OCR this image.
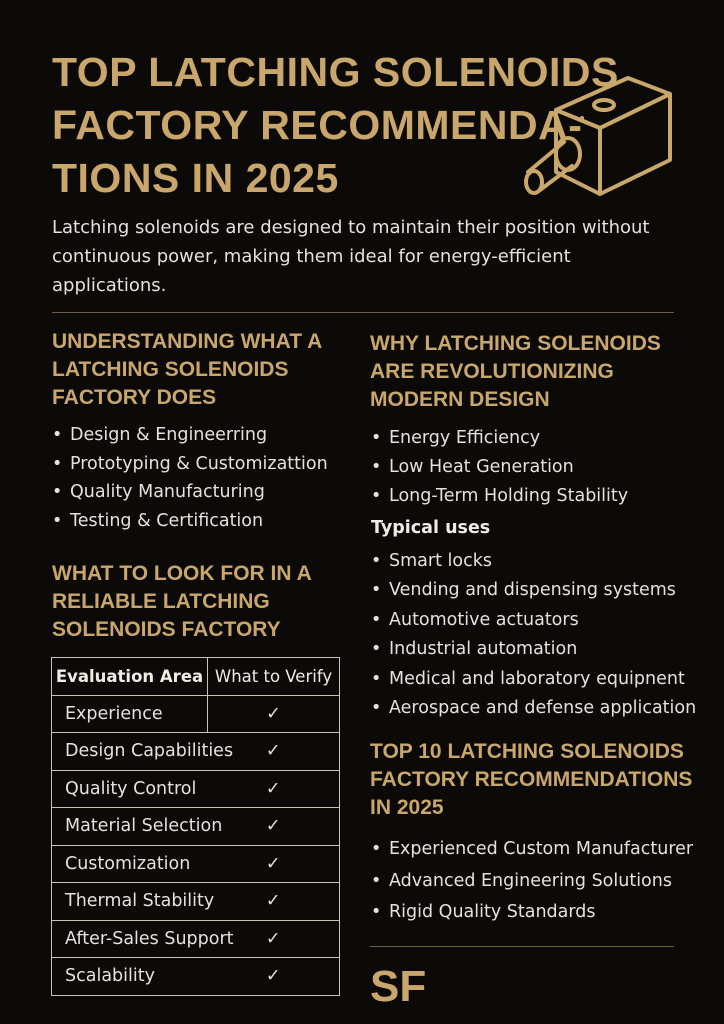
TOP LATCHING SOLENOIDS
FACTORY RECOMMENDA-
TIONS IN 2025

Latching solenoids are designed to maintain their position without continuous power, making them ideal for energy-efficient applications.

UNDERSTANDING WHAT A
LATCHING SOLENOIDS
FACTORY DOES
• Design & Engineerring
• Prototyping & Customizattion
• Quality Manufacturing
• Testing & Certification
WHAT TO LOOK FOR IN A
RELIABLE LATCHING
SOLENOIDS FACTORY
Evaluation Area	What to Verify
Experience	✓
Design Capabilities	✓
Quality Control	✓
Material Selection	✓
Customization	✓
Thermal Stability	✓
After-Sales Support	✓
Scalability	✓
WHY LATCHING SOLENOIDS
ARE REVOLUTIONIZING
MODERN DESIGN
• Energy Efficiency
• Low Heat Generation
• Long-Term Holding Stability

Typical uses

• Smart locks
• Vending and dispensing systems
• Automotive actuators
• Industrial automation
• Medical and laboratory equipnent
• Aerospace and defense application
TOP 10 LATCHING SOLENOIDS
FACTORY RECOMMENDATIONS
IN 2025
• Experienced Custom Manufacturer
• Advanced Engineering Solutions
• Rigid Quality Standards

SF
